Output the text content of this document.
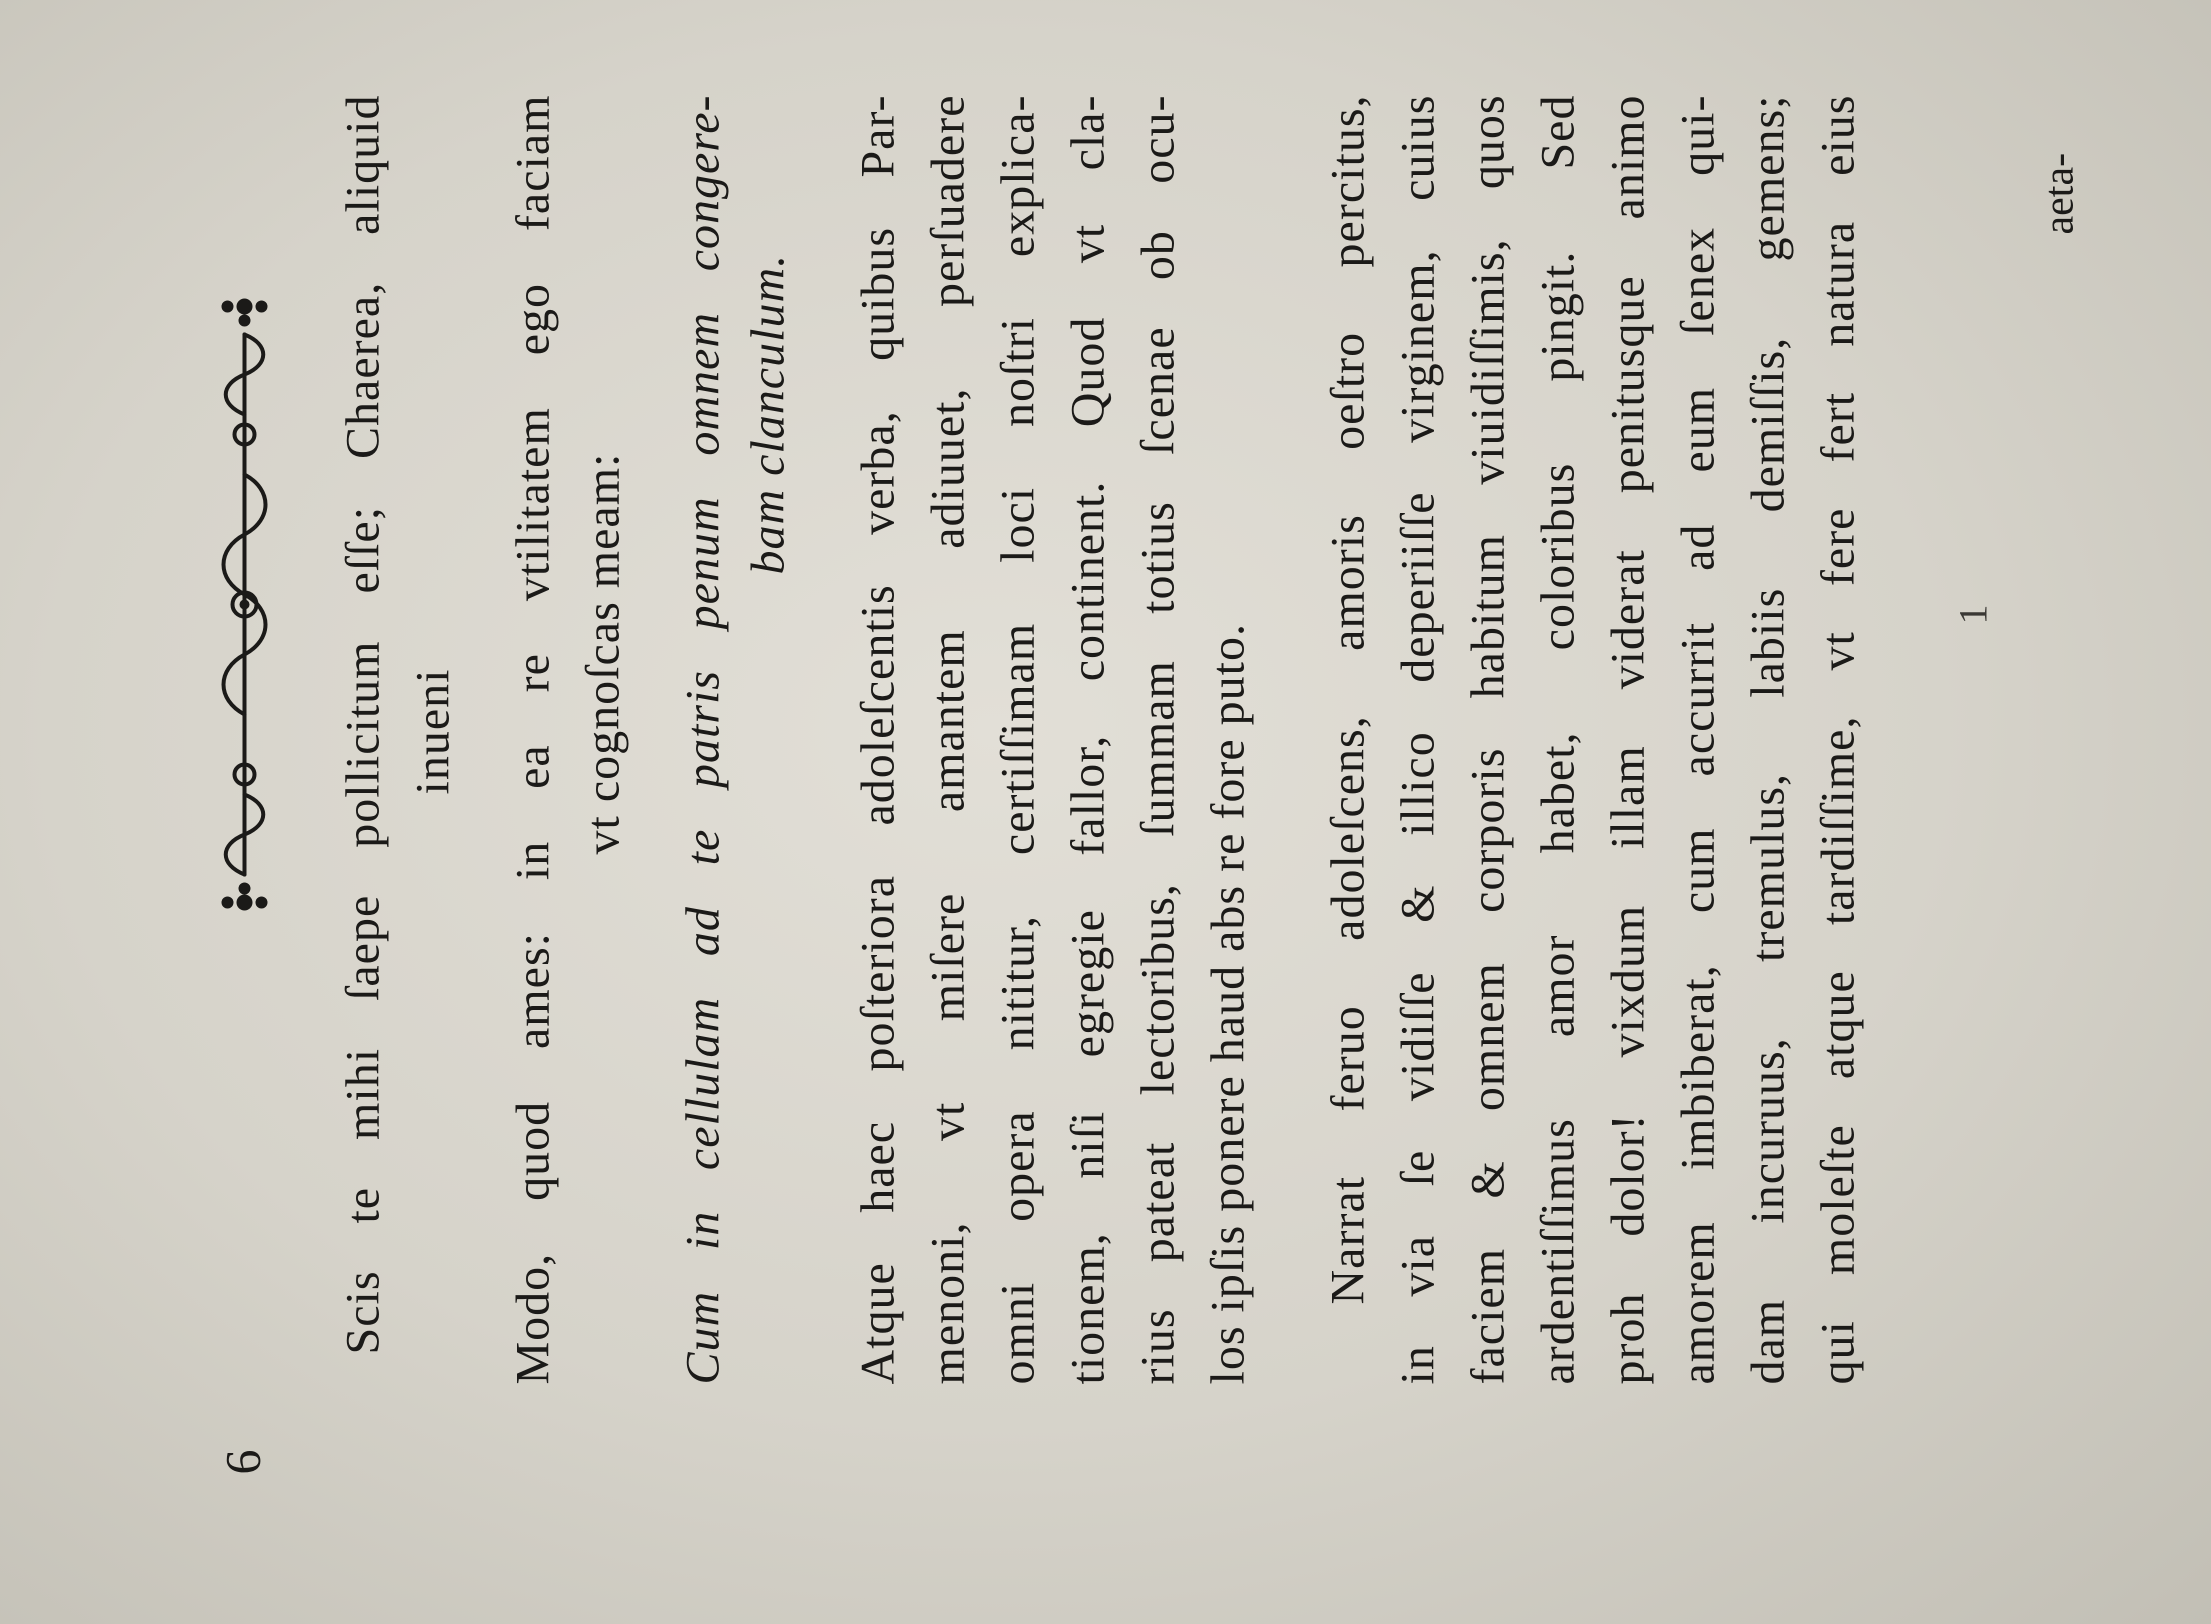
6
Scis te mihi ſaepe pollicitum eſſe; Chaerea, aliquid inueni Modo, quod ames: in ea re vtilitatem ego faciam vt cognoſcas meam: Cum in cellulam ad te patris penum omnem congere- bam clanculum. Atque haec poſteriora adoleſcentis verba, quibus Par- menoni, vt miſere amantem adiuuet, perſuadere omni opera nititur, certiſſimam loci noſtri explica- tionem, niſi egregie fallor, continent. Quod vt cla- rius pateat lectoribus, ſummam totius ſcenae ob ocu- los ipſis ponere haud abs re fore puto. Narrat feruo adoleſcens, amoris oeſtro percitus, in via ſe vidiſſe & illico deperiiſſe virginem, cuius faciem & omnem corporis habitum viuidiſſimis, quos ardentiſſimus amor habet, coloribus pingit. Sed proh dolor! vixdum illam viderat penitusque animo amorem imbiberat, cum accurrit ad eum ſenex qui- dam incuruus, tremulus, labiis demiſſis, gemens; qui moleſte atque tardiſſime, vt fere fert natura eius 1
aeta-
